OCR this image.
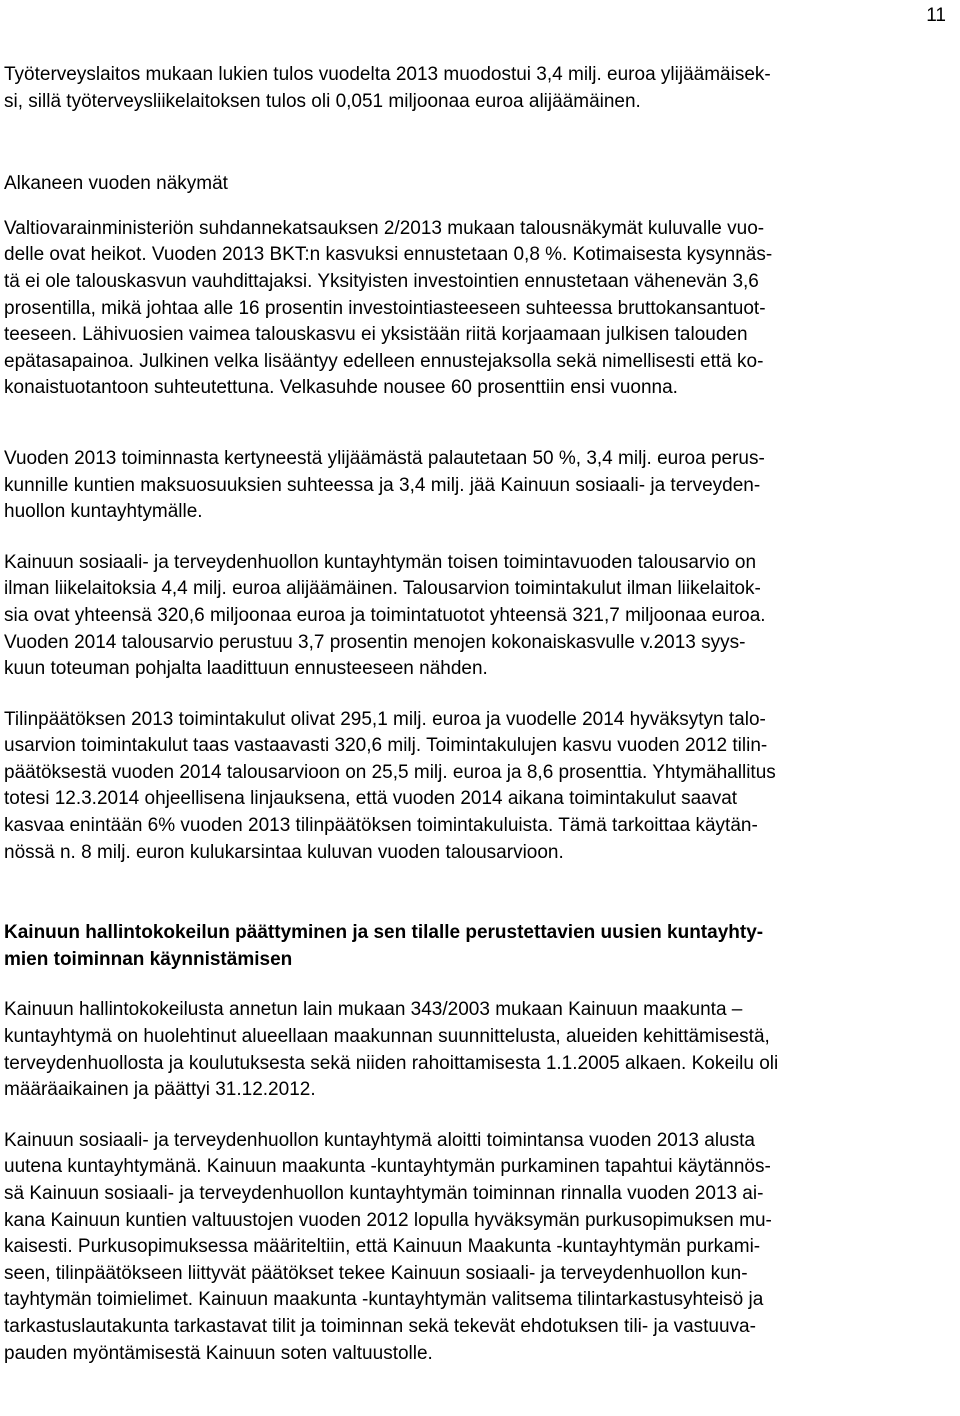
11

Työterveyslaitos mukaan lukien tulos vuodelta 2013 muodostui 3,4 milj. euroa ylijäämäisek-
si, sillä työterveysliikelaitoksen tulos oli 0,051 miljoonaa euroa alijäämäinen.

Alkaneen vuoden näkymät

Valtiovarainministeriön suhdannekatsauksen 2/2013 mukaan talousnäkymät kuluvalle vuo-
delle ovat heikot. Vuoden 2013 BKT:n kasvuksi ennustetaan 0,8 %. Kotimaisesta kysynnäs-
tä ei ole talouskasvun vauhdittajaksi. Yksityisten investointien ennustetaan vähenevän 3,6
prosentilla, mikä johtaa alle 16 prosentin investointiasteeseen suhteessa bruttokansantuot-
teeseen. Lähivuosien vaimea talouskasvu ei yksistään riitä korjaamaan julkisen talouden
epätasapainoa. Julkinen velka lisääntyy edelleen ennustejaksolla sekä nimellisesti että ko-
konaistuotantoon suhteutettuna. Velkasuhde nousee 60 prosenttiin ensi vuonna.

Vuoden 2013 toiminnasta kertyneestä ylijäämästä palautetaan 50 %, 3,4 milj. euroa perus-
kunnille kuntien maksuosuuksien suhteessa ja 3,4 milj. jää Kainuun sosiaali- ja terveyden-
huollon kuntayhtymälle.

Kainuun sosiaali- ja terveydenhuollon kuntayhtymän toisen toimintavuoden talousarvio on
ilman liikelaitoksia 4,4 milj. euroa alijäämäinen. Talousarvion toimintakulut ilman liikelaitok-
sia ovat yhteensä 320,6 miljoonaa euroa ja toimintatuotot yhteensä 321,7 miljoonaa euroa.
Vuoden 2014 talousarvio perustuu 3,7 prosentin menojen kokonaiskasvulle v.2013 syys-
kuun toteuman pohjalta laadittuun ennusteeseen nähden.

Tilinpäätöksen 2013 toimintakulut olivat 295,1 milj. euroa ja vuodelle 2014 hyväksytyn talo-
usarvion toimintakulut taas vastaavasti 320,6 milj. Toimintakulujen kasvu vuoden 2012 tilin-
päätöksestä vuoden 2014 talousarvioon on 25,5 milj. euroa ja 8,6 prosenttia. Yhtymähallitus
totesi 12.3.2014 ohjeellisena linjauksena, että vuoden 2014 aikana toimintakulut saavat
kasvaa enintään 6% vuoden 2013 tilinpäätöksen toimintakuluista. Tämä tarkoittaa käytän-
nössä n. 8 milj. euron kulukarsintaa kuluvan vuoden talousarvioon.

Kainuun hallintokokeilun päättyminen ja sen tilalle perustettavien uusien kuntayhty-
mien toiminnan käynnistämisen

Kainuun hallintokokeilusta annetun lain mukaan 343/2003 mukaan Kainuun maakunta –
kuntayhtymä on huolehtinut alueellaan maakunnan suunnittelusta, alueiden kehittämisestä,
terveydenhuollosta ja koulutuksesta sekä niiden rahoittamisesta 1.1.2005 alkaen. Kokeilu oli
määräaikainen ja päättyi 31.12.2012.

Kainuun sosiaali- ja terveydenhuollon kuntayhtymä aloitti toimintansa vuoden 2013 alusta
uutena kuntayhtymänä. Kainuun maakunta -kuntayhtymän purkaminen tapahtui käytännös-
sä Kainuun sosiaali- ja terveydenhuollon kuntayhtymän toiminnan rinnalla vuoden 2013 ai-
kana Kainuun kuntien valtuustojen vuoden 2012 lopulla hyväksymän purkusopimuksen mu-
kaisesti. Purkusopimuksessa määriteltiin, että Kainuun Maakunta -kuntayhtymän purkami-
seen, tilinpäätökseen liittyvät päätökset tekee Kainuun sosiaali- ja terveydenhuollon kun-
tayhtymän toimielimet. Kainuun maakunta -kuntayhtymän valitsema tilintarkastusyhteisö ja
tarkastuslautakunta tarkastavat tilit ja toiminnan sekä tekevät ehdotuksen tili- ja vastuuva-
pauden myöntämisestä Kainuun soten valtuustolle.
